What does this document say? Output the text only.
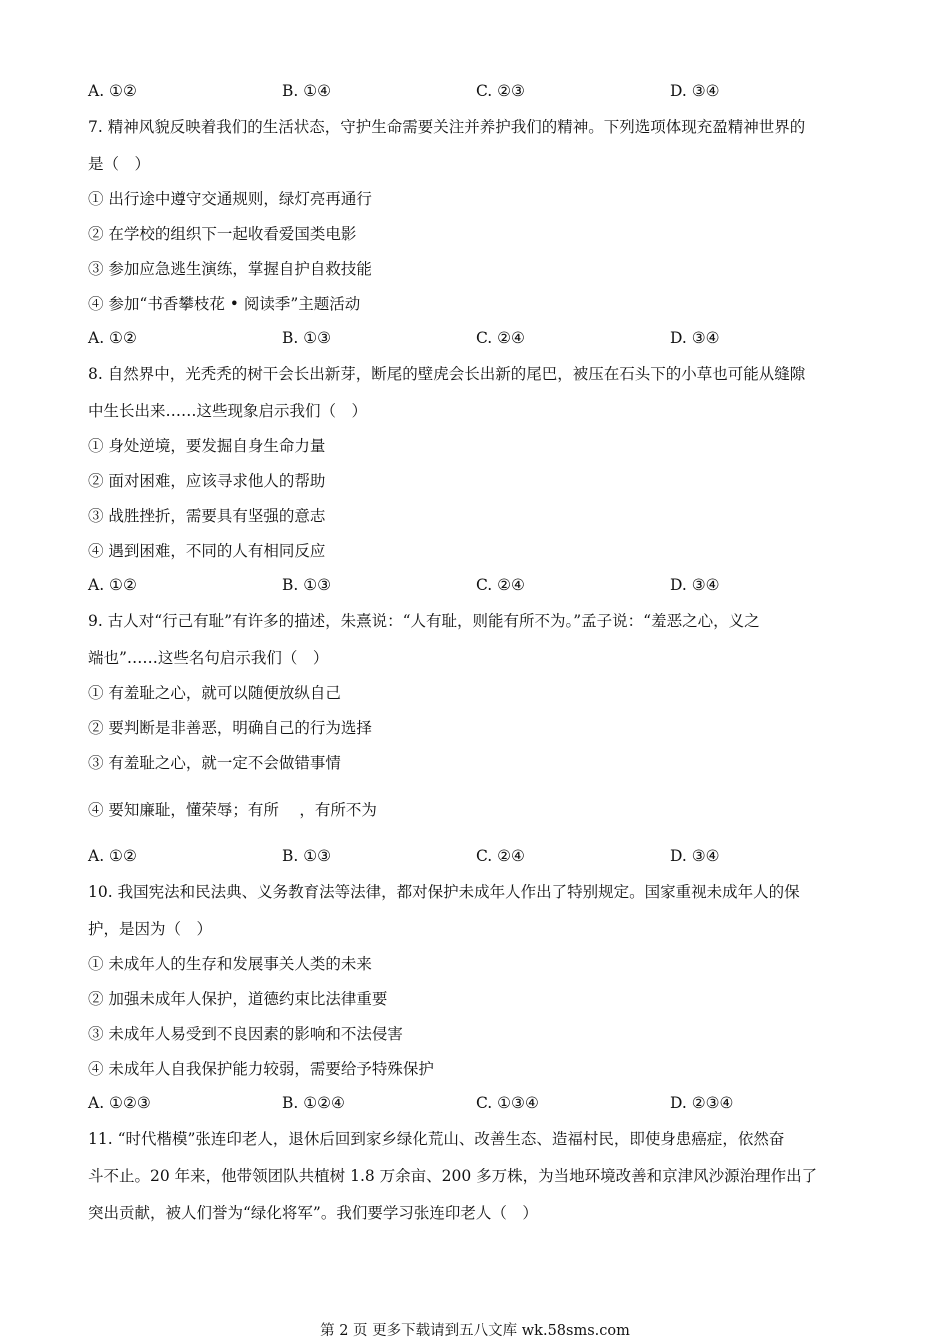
A. ①②	B. ①④	C. ②③	D. ③④
7. 精神风貌反映着我们的生活状态，守护生命需要关注并养护我们的精神。下列选项体现充盈精神世界的
是（　）
① 出行途中遵守交通规则，绿灯亮再通行
② 在学校的组织下一起收看爱国类电影
③ 参加应急逃生演练，掌握自护自救技能
④ 参加“书香攀枝花 • 阅读季”主题活动
A. ①②	B. ①③	C. ②④	D. ③④
8. 自然界中，光秃秃的树干会长出新芽，断尾的壁虎会长出新的尾巴，被压在石头下的小草也可能从缝隙
中生长出来……这些现象启示我们（　）
① 身处逆境，要发掘自身生命力量
② 面对困难，应该寻求他人的帮助
③ 战胜挫折，需要具有坚强的意志
④ 遇到困难，不同的人有相同反应
A. ①②	B. ①③	C. ②④	D. ③④
9. 古人对“行己有耻”有许多的描述，朱熹说：“人有耻，则能有所不为。”孟子说：“羞恶之心，义之
端也”……这些名句启示我们（　）
① 有羞耻之心，就可以随便放纵自己
② 要判断是非善恶，明确自己的行为选择
③ 有羞耻之心，就一定不会做错事情
④ 要知廉耻，懂荣辱；有所　 ，有所不为
A. ①②	B. ①③	C. ②④	D. ③④
10. 我国宪法和民法典、义务教育法等法律，都对保护未成年人作出了特别规定。国家重视未成年人的保
护，是因为（　）
① 未成年人的生存和发展事关人类的未来
② 加强未成年人保护，道德约束比法律重要
③ 未成年人易受到不良因素的影响和不法侵害
④ 未成年人自我保护能力较弱，需要给予特殊保护
A. ①②③	B. ①②④	C. ①③④	D. ②③④
11. “时代楷模”张连印老人，退休后回到家乡绿化荒山、改善生态、造福村民，即使身患癌症，依然奋
斗不止。20 年来，他带领团队共植树 1.8 万余亩、200 多万株，为当地环境改善和京津风沙源治理作出了
突出贡献，被人们誉为“绿化将军”。我们要学习张连印老人（　）
第 2 页 更多下载请到五八文库 wk.58sms.com
